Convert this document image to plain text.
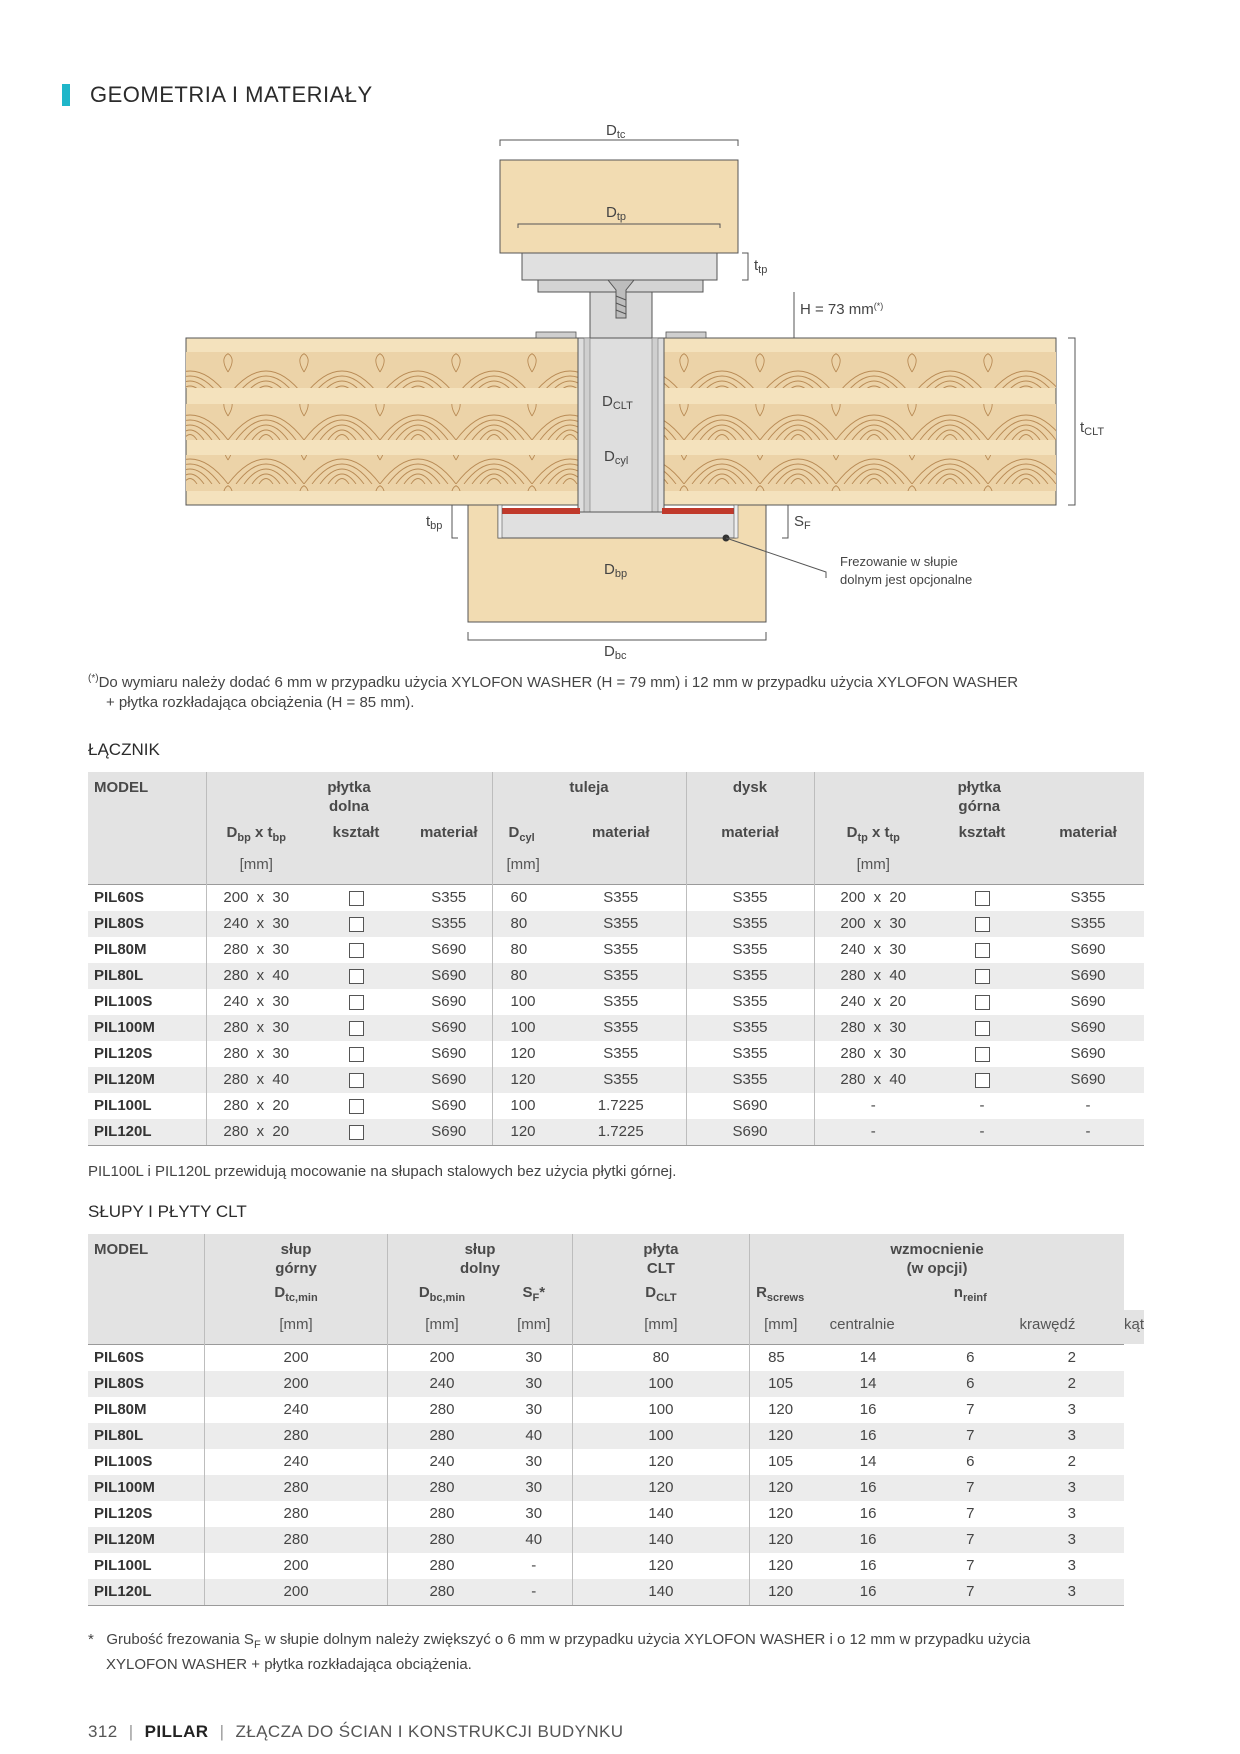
GEOMETRIA I MATERIAŁY
$D_{tc}$
$D_{tp}$
$t_{tp}$
H = 73 mm(*)
$t_{CLT}$
$D_{CLT}$
$D_{cyl}$
$t_{bp}$	$S_F$
$D_{bp}$
$D_{bc}$
Frezowanie w słupie
dolnym jest opcjonalne
(*)Do wymiaru należy dodać 6 mm w przypadku użycia XYLOFON WASHER (H = 79 mm) i 12 mm w przypadku użycia XYLOFON WASHER
+ płytka rozkładająca obciążenia (H = 85 mm).
ŁĄCZNIK
MODEL	płytka
dolna			tuleja		dysk	płytka
górna		
	$D_{bp}$ x $t_{bp}$	kształt	materiał	$D_{cyl}$	materiał	materiał	$D_{tp}$ x $t_{tp}$	kształt	materiał
	[mm]			[mm]			[mm]		
PIL60S	200x30		S355	60	S355	S355	200x20		S355
PIL80S	240x30		S355	80	S355	S355	200x30		S355
PIL80M	280x30		S690	80	S355	S355	240x30		S690
PIL80L	280x40		S690	80	S355	S355	280x40		S690
PIL100S	240x30		S690	100	S355	S355	240x20		S690
PIL100M	280x30		S690	100	S355	S355	280x30		S690
PIL120S	280x30		S690	120	S355	S355	280x30		S690
PIL120M	280x40		S690	120	S355	S355	280x40		S690
PIL100L	280x20		S690	100	1.7225	S690	-	-	-
PIL120L	280x20		S690	120	1.7225	S690	-	-	-
PIL100L i PIL120L przewidują mocowanie na słupach stalowych bez użycia płytki górnej.
SŁUPY I PŁYTY CLT
MODEL	słup
górny	słup
dolny		płyta
CLT	wzmocnienie
(w opcji)				
	$D_{tc,min}$	$D_{bc,min}$	$S_F*$	$D_{CLT}$	$R_{screws}$		$n_{reinf}$	
	[mm]	[mm]	[mm]	[mm]	[mm]	centralnie		krawędź	kąt
PIL60S	200	200	30	80	85	14	6	2	
PIL80S	200	240	30	100	105	14	6	2	
PIL80M	240	280	30	100	120	16	7	3	
PIL80L	280	280	40	100	120	16	7	3	
PIL100S	240	240	30	120	105	14	6	2	
PIL100M	280	280	30	120	120	16	7	3	
PIL120S	280	280	30	140	120	16	7	3	
PIL120M	280	280	40	140	120	16	7	3	
PIL100L	200	280	-	120	120	16	7	3	
PIL120L	200	280	-	140	120	16	7	3	
* Grubość frezowania $S_F$ w słupie dolnym należy zwiększyć o 6 mm w przypadku użycia XYLOFON WASHER i o 12 mm w przypadku użycia
XYLOFON WASHER + płytka rozkładająca obciążenia.
312 | PILLAR | ZŁĄCZA DO ŚCIAN I KONSTRUKCJI BUDYNKU
